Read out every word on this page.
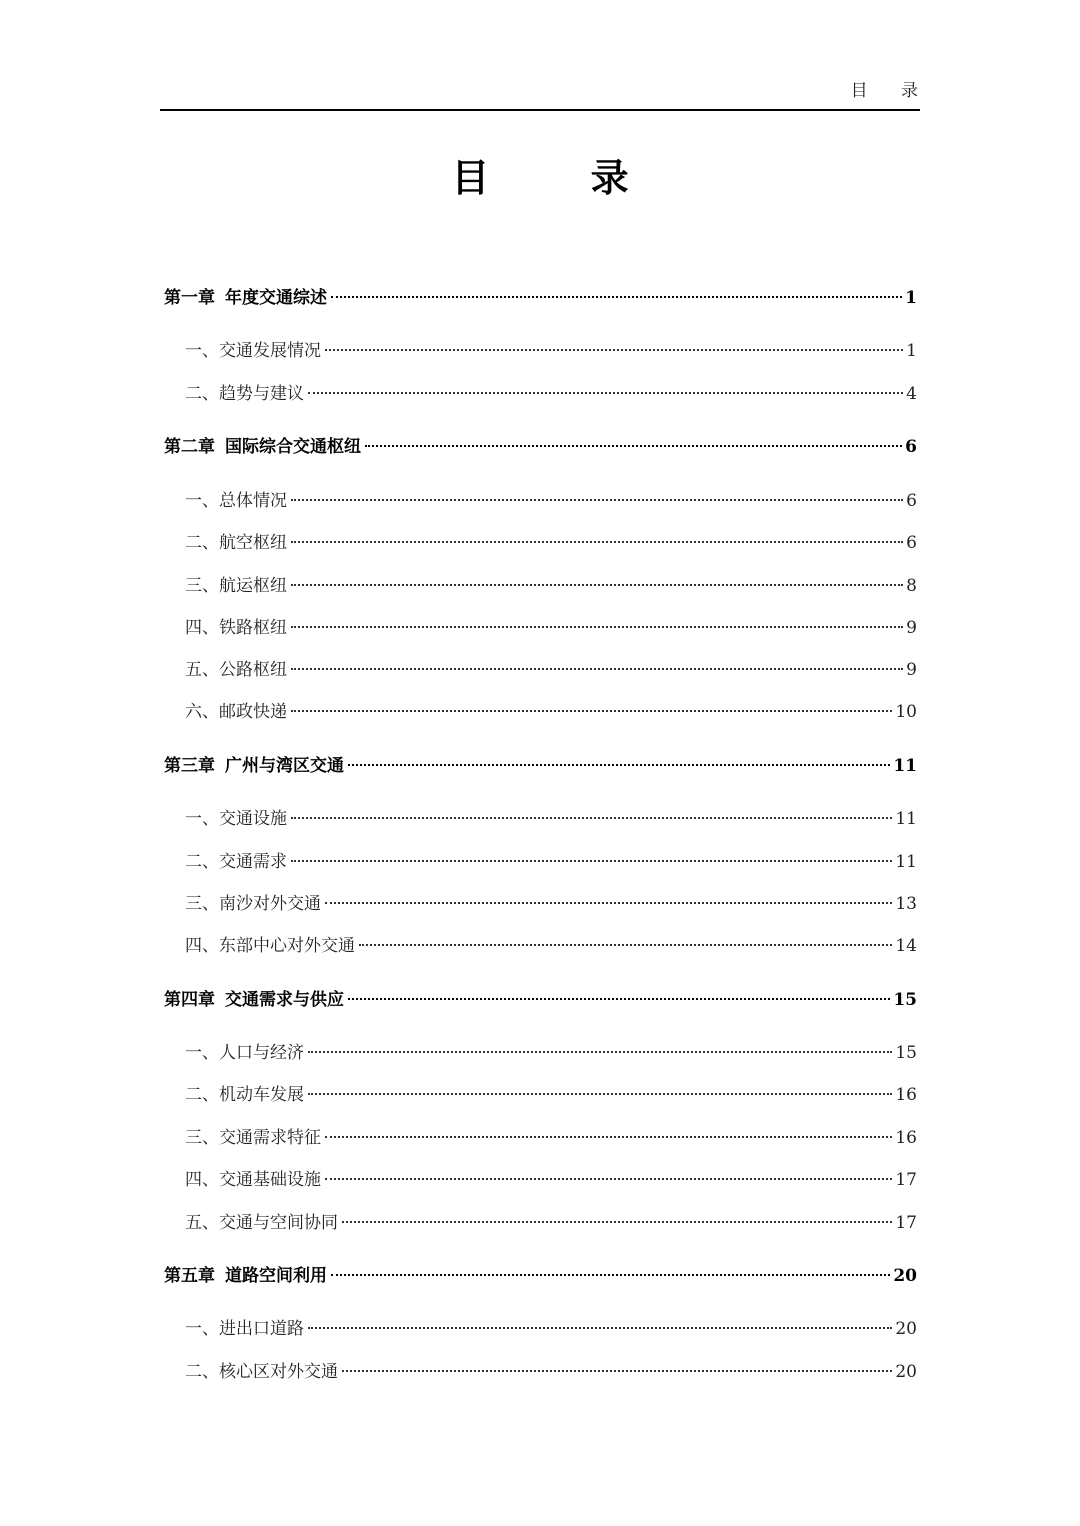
目 录
目 录
第一章 年度交通综述	1
一、 交通发展情况	1
二、 趋势与建议	4
第二章 国际综合交通枢纽	6
一、 总体情况	6
二、 航空枢纽	6
三、 航运枢纽	8
四、 铁路枢纽	9
五、 公路枢纽	9
六、 邮政快递	10
第三章 广州与湾区交通	11
一、 交通设施	11
二、 交通需求	11
三、 南沙对外交通	13
四、 东部中心对外交通	14
第四章 交通需求与供应	15
一、 人口与经济	15
二、 机动车发展	16
三、 交通需求特征	16
四、 交通基础设施	17
五、 交通与空间协同	17
第五章 道路空间利用	20
一、 进出口道路	20
二、 核心区对外交通	20
